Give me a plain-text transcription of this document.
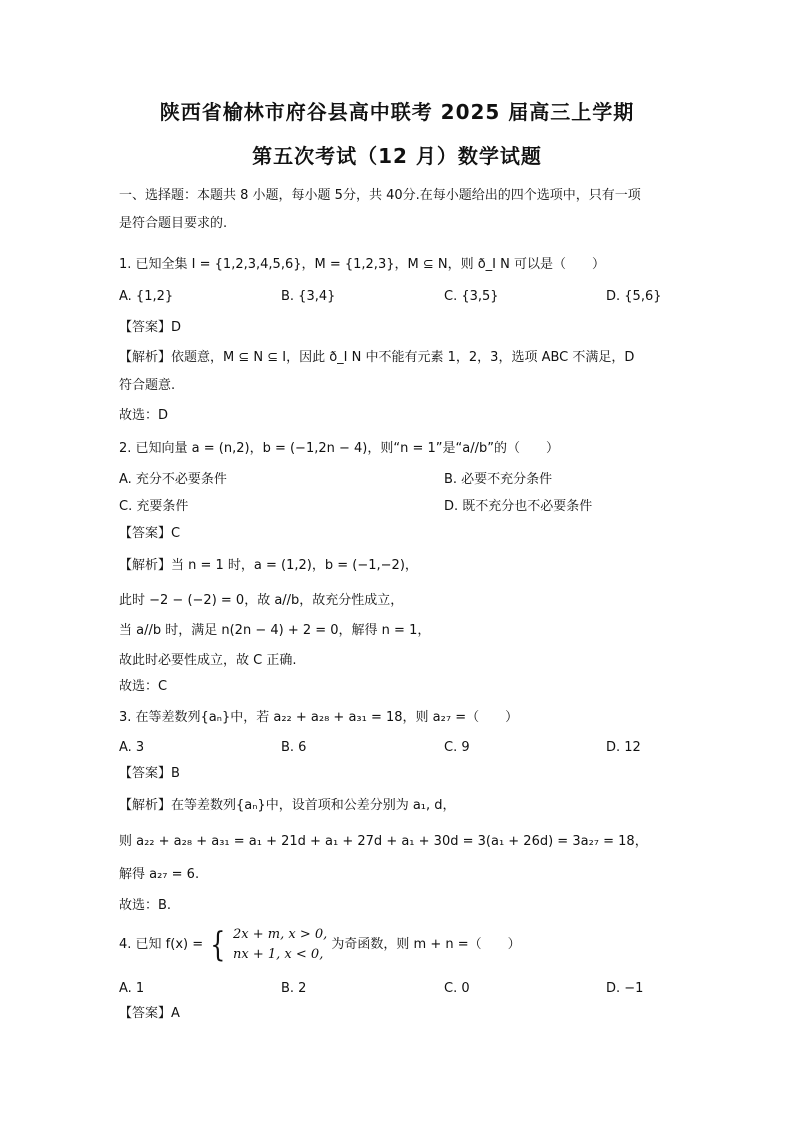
陕西省榆林市府谷县高中联考 2025 届高三上学期
第五次考试（12 月）数学试题
一、选择题：本题共 8 小题，每小题 5分，共 40分.在每小题给出的四个选项中，只有一项
是符合题目要求的.
1. 已知全集 I = {1,2,3,4,5,6}，M = {1,2,3}，M ⊆ N，则 ð_I N 可以是（　　）
A. {1,2}	B. {3,4}	C. {3,5}	D. {5,6}
【答案】D
【解析】依题意，M ⊆ N ⊆ I，因此 ð_I N 中不能有元素 1，2，3，选项 ABC 不满足，D
符合题意.
故选：D
2. 已知向量 a = (n,2)，b = (−1,2n − 4)，则“n = 1”是“a//b”的（　　）
A. 充分不必要条件	B. 必要不充分条件
C. 充要条件	D. 既不充分也不必要条件
【答案】C
【解析】当 n = 1 时，a = (1,2)，b = (−1,−2)，
此时 −2 − (−2) = 0，故 a//b，故充分性成立，
当 a//b 时，满足 n(2n − 4) + 2 = 0，解得 n = 1，
故此时必要性成立，故 C 正确.
故选：C
3. 在等差数列{aₙ}中，若 a₂₂ + a₂₈ + a₃₁ = 18，则 a₂₇ =（　　）
A. 3	B. 6	C. 9	D. 12
【答案】B
【解析】在等差数列{aₙ}中，设首项和公差分别为 a₁, d，
则 a₂₂ + a₂₈ + a₃₁ = a₁ + 21d + a₁ + 27d + a₁ + 30d = 3(a₁ + 26d) = 3a₂₇ = 18，
解得 a₂₇ = 6.
故选：B.
4. 已知 f(x) = { 2x + m, x > 0,
nx + 1, x < 0,
为奇函数，则 m + n =（　　）
A. 1	B. 2	C. 0	D. −1
【答案】A
